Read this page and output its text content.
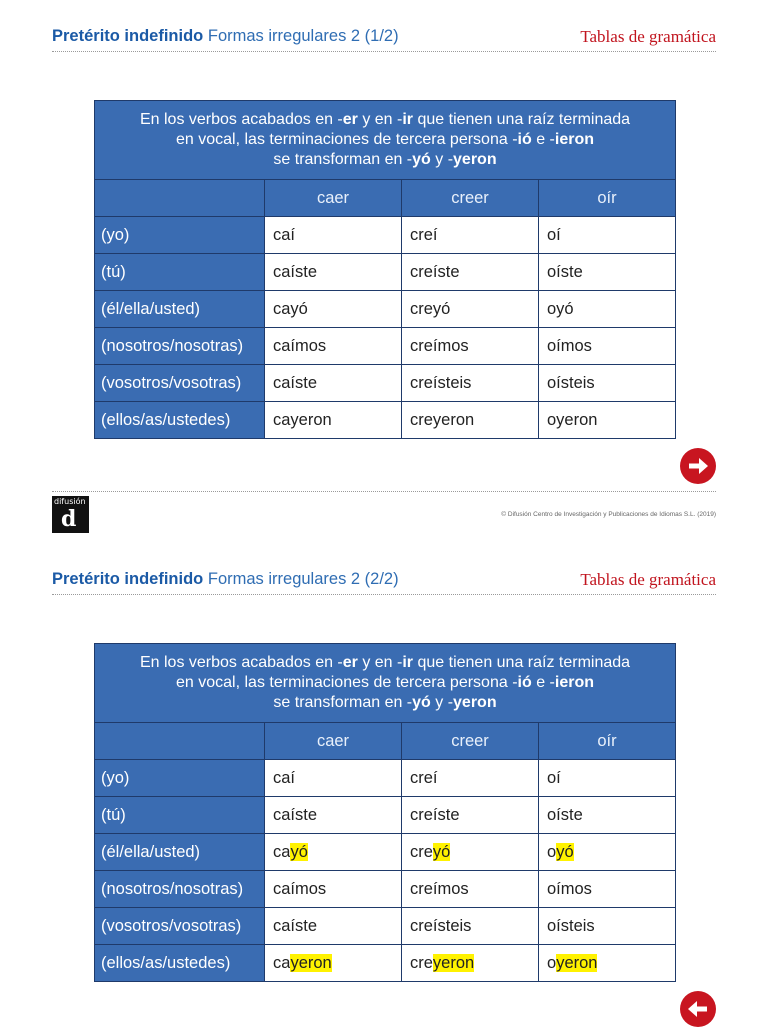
Pretérito indefinido Formas irregulares 2 (1/2)	Tablas de gramática
En los verbos acabados en -er y en -ir que tienen una raíz terminada
en vocal, las terminaciones de tercera persona -ió e -ieron
se transforman en -yó y -yeron			
	caer	creer	oír
(yo)	caí	creí	oí
(tú)	caíste	creíste	oíste
(él/ella/usted)	cayó	creyó	oyó
(nosotros/nosotras)	caímos	creímos	oímos
(vosotros/vosotras)	caíste	creísteis	oísteis
(ellos/as/ustedes)	cayeron	creyeron	oyeron
difusión
d	© Difusión Centro de Investigación y Publicaciones de Idiomas S.L. (2019)
Pretérito indefinido Formas irregulares 2 (2/2)	Tablas de gramática
En los verbos acabados en -er y en -ir que tienen una raíz terminada
en vocal, las terminaciones de tercera persona -ió e -ieron
se transforman en -yó y -yeron			
	caer	creer	oír
(yo)	caí	creí	oí
(tú)	caíste	creíste	oíste
(él/ella/usted)	cayó	creyó	oyó
(nosotros/nosotras)	caímos	creímos	oímos
(vosotros/vosotras)	caíste	creísteis	oísteis
(ellos/as/ustedes)	cayeron	creyeron	oyeron
